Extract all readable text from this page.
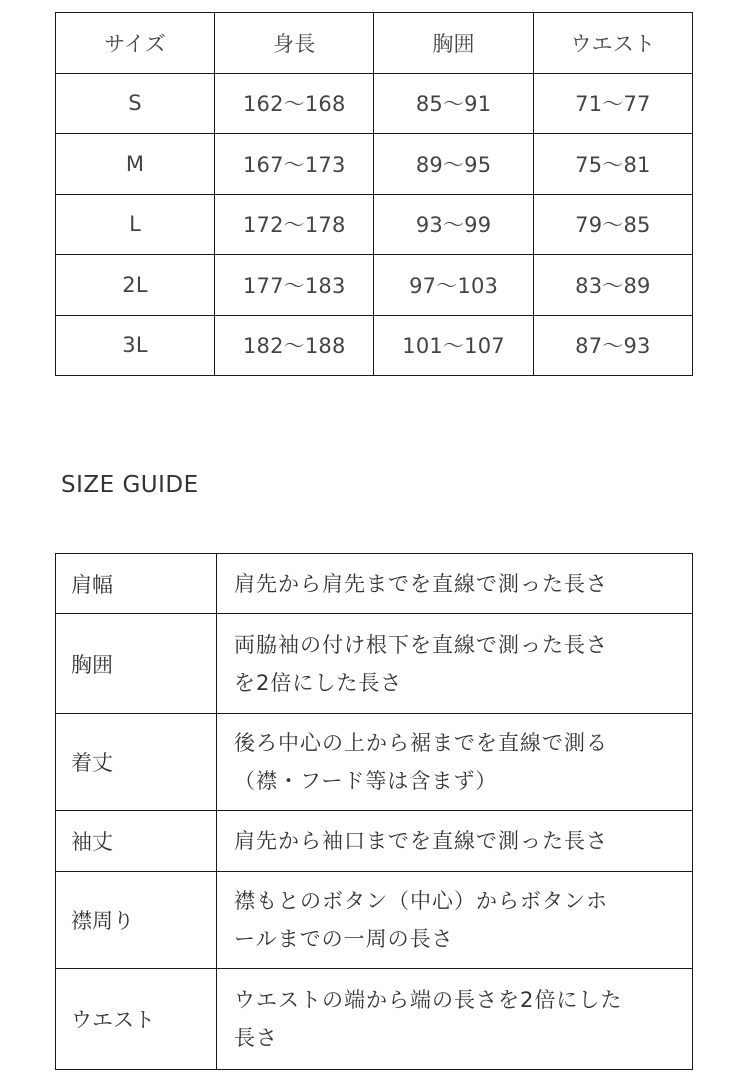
サイズ	身長	胸囲	ウエスト
S	162〜168	85〜91	71〜77
M	167〜173	89〜95	75〜81
L	172〜178	93〜99	79〜85
2L	177〜183	97〜103	83〜89
3L	182〜188	101〜107	87〜93
SIZE GUIDE
肩幅	肩先から肩先までを直線で測った長さ

胸囲	両脇袖の付け根下を直線で測った長さ
を2倍にした長さ

着丈	後ろ中心の上から裾までを直線で測る
（襟・フード等は含まず）

袖丈	肩先から袖口までを直線で測った長さ

襟周り	襟もとのボタン（中心）からボタンホ
ールまでの一周の長さ

ウエスト	ウエストの端から端の長さを2倍にした
長さ
